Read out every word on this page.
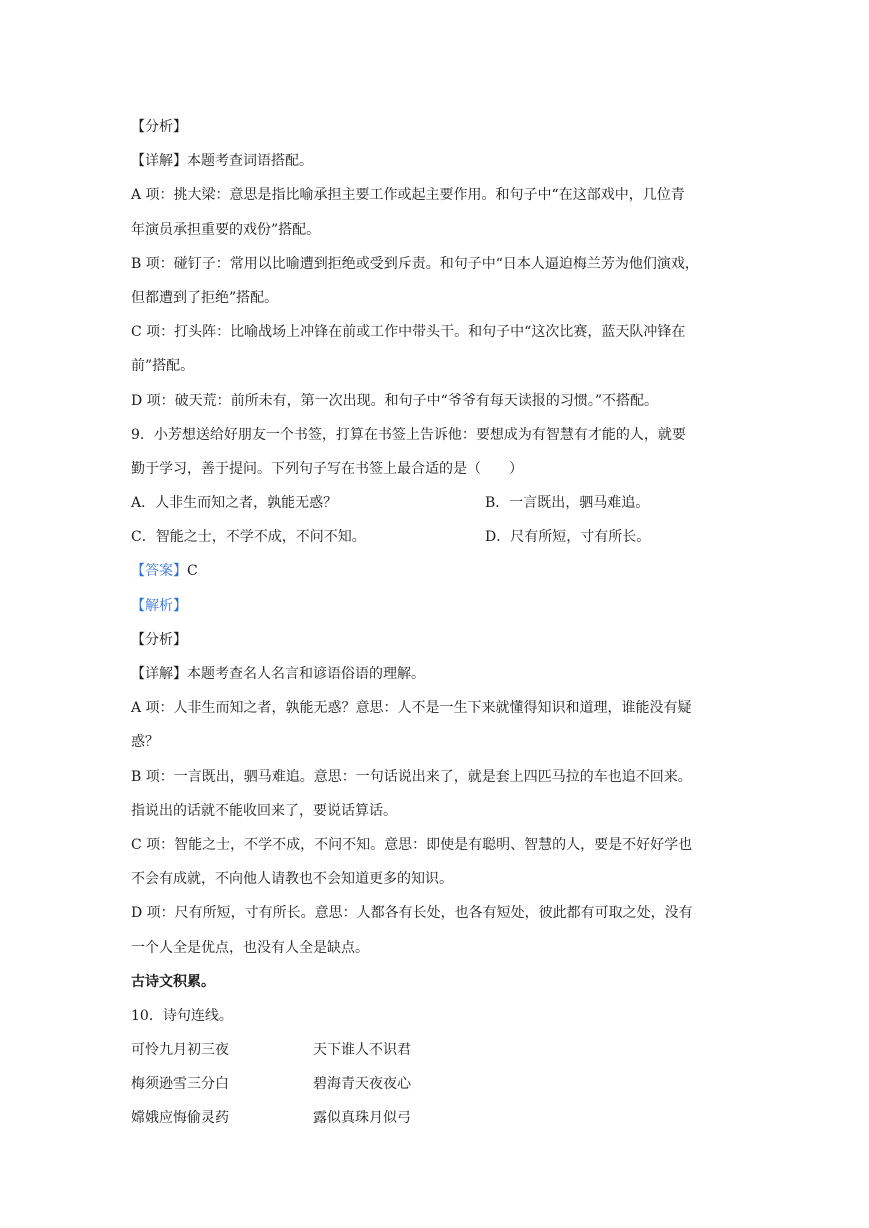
【分析】
【详解】本题考查词语搭配。
A 项：挑大梁：意思是指比喻承担主要工作或起主要作用。和句子中“在这部戏中，几位青
年演员承担重要的戏份”搭配。
B 项：碰钉子：常用以比喻遭到拒绝或受到斥责。和句子中“日本人逼迫梅兰芳为他们演戏，
但都遭到了拒绝”搭配。
C 项：打头阵：比喻战场上冲锋在前或工作中带头干。和句子中“这次比赛，蓝天队冲锋在
前”搭配。
D 项：破天荒：前所未有，第一次出现。和句子中“爷爷有每天读报的习惯。”不搭配。
9．小芳想送给好朋友一个书签，打算在书签上告诉他：要想成为有智慧有才能的人，就要
勤于学习，善于提问。下列句子写在书签上最合适的是（　　）
A．人非生而知之者，孰能无惑？	B．一言既出，驷马难追。
C．智能之士，不学不成，不问不知。	D．尺有所短，寸有所长。
【答案】C
【解析】
【分析】
【详解】本题考查名人名言和谚语俗语的理解。
A 项：人非生而知之者，孰能无惑？意思：人不是一生下来就懂得知识和道理，谁能没有疑
惑？
B 项：一言既出，驷马难追。意思：一句话说出来了，就是套上四匹马拉的车也追不回来。
指说出的话就不能收回来了，要说话算话。
C 项：智能之士，不学不成，不问不知。意思：即使是有聪明、智慧的人，要是不好好学也
不会有成就，不向他人请教也不会知道更多的知识。
D 项：尺有所短，寸有所长。意思：人都各有长处，也各有短处，彼此都有可取之处，没有
一个人全是优点，也没有人全是缺点。
古诗文积累。
10．诗句连线。
可怜九月初三夜	天下谁人不识君
梅须逊雪三分白	碧海青天夜夜心
嫦娥应悔偷灵药	露似真珠月似弓
